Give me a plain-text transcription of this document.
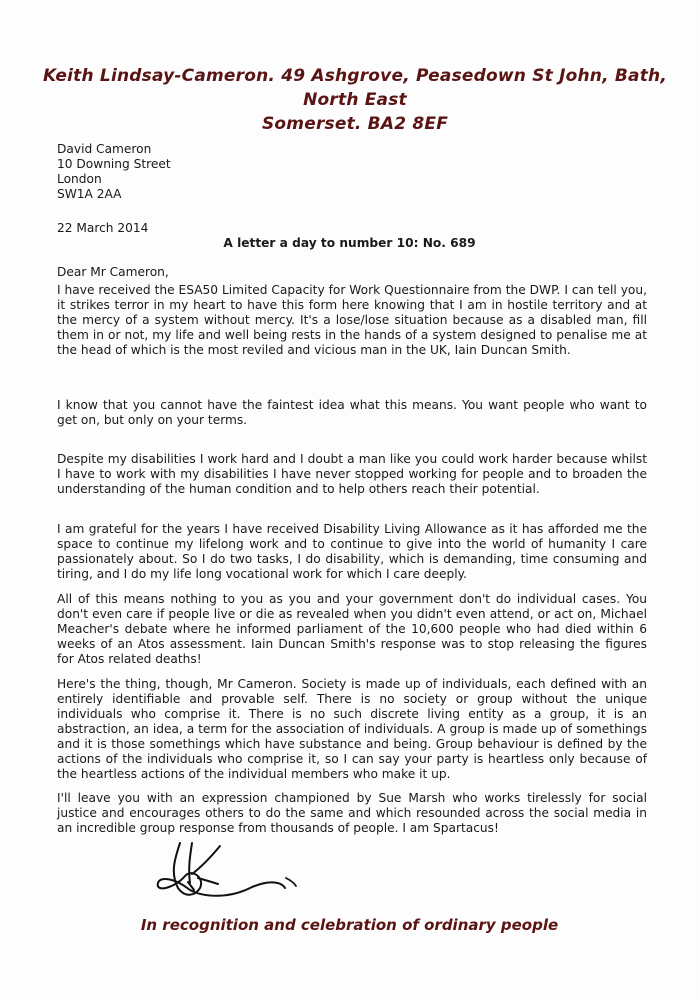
Keith Lindsay-Cameron. 49 Ashgrove, Peasedown St John, Bath, North East
Somerset. BA2 8EF
David Cameron
10 Downing Street
London
SW1A 2AA
22 March 2014
A letter a day to number 10: No. 689
Dear Mr Cameron,

I have received the ESA50 Limited Capacity for Work Questionnaire from the DWP. I can tell you, it strikes terror in my heart to have this form here knowing that I am in hostile territory and at the mercy of a system without mercy. It's a lose/lose situation because as a disabled man, fill them in or not, my life and well being rests in the hands of a system designed to penalise me at the head of which is the most reviled and vicious man in the UK, Iain Duncan Smith.

I know that you cannot have the faintest idea what this means. You want people who want to get on, but only on your terms.

Despite my disabilities I work hard and I doubt a man like you could work harder because whilst I have to work with my disabilities I have never stopped working for people and to broaden the understanding of the human condition and to help others reach their potential.

I am grateful for the years I have received Disability Living Allowance as it has afforded me the space to continue my lifelong work and to continue to give into the world of humanity I care passionately about. So I do two tasks, I do disability, which is demanding, time consuming and tiring, and I do my life long vocational work for which I care deeply.

All of this means nothing to you as you and your government don't do individual cases. You don't even care if people live or die as revealed when you didn't even attend, or act on, Michael Meacher's debate where he informed parliament of the 10,600 people who had died within 6 weeks of an Atos assessment. Iain Duncan Smith's response was to stop releasing the figures for Atos related deaths!

Here's the thing, though, Mr Cameron. Society is made up of individuals, each defined with an entirely identifiable and provable self. There is no society or group without the unique individuals who comprise it. There is no such discrete living entity as a group, it is an abstraction, an idea, a term for the association of individuals. A group is made up of somethings and it is those somethings which have substance and being. Group behaviour is defined by the actions of the individuals who comprise it, so I can say your party is heartless only because of the heartless actions of the individual members who make it up.

I'll leave you with an expression championed by Sue Marsh who works tirelessly for social justice and encourages others to do the same and which resounded across the social media in an incredible group response from thousands of people. I am Spartacus!

In recognition and celebration of ordinary people
